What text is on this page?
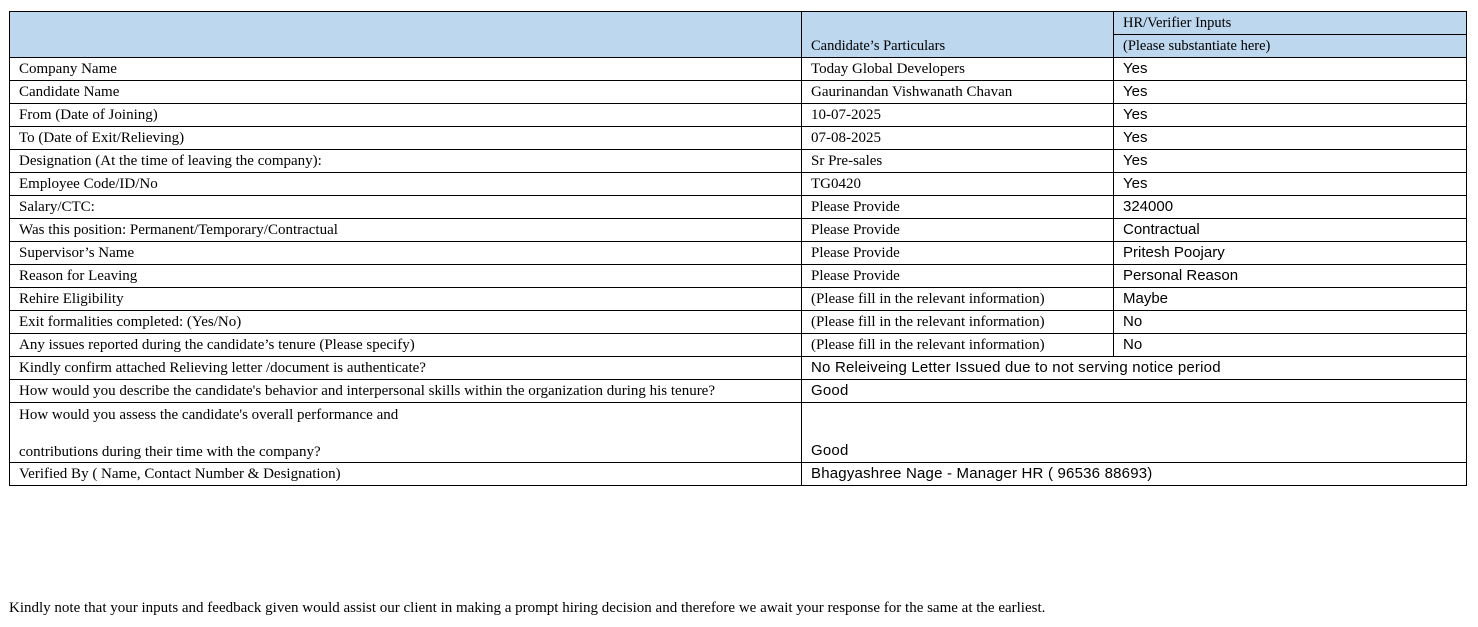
	Candidate’s Particulars	HR/Verifier Inputs
		(Please substantiate here)
Company Name	Today Global Developers	Yes
Candidate Name	Gaurinandan Vishwanath Chavan	Yes
From (Date of Joining)	10-07-2025	Yes
To (Date of Exit/Relieving)	07-08-2025	Yes
Designation (At the time of leaving the company):	Sr Pre-sales	Yes
Employee Code/ID/No	TG0420	Yes
Salary/CTC:	Please Provide	324000
Was this position: Permanent/Temporary/Contractual	Please Provide	Contractual
Supervisor’s Name	Please Provide	Pritesh Poojary
Reason for Leaving	Please Provide	Personal Reason
Rehire Eligibility	(Please fill in the relevant information)	Maybe
Exit formalities completed: (Yes/No)	(Please fill in the relevant information)	No
Any issues reported during the candidate’s tenure (Please specify)	(Please fill in the relevant information)	No
Kindly confirm attached Relieving letter /document is authenticate?	No Releiveing Letter Issued due to not serving notice period	
How would you describe the candidate's behavior and interpersonal skills within the organization during his tenure?	Good	

How would you assess the candidate's overall performance and
contributions during their time with the company?	Good	
Verified By ( Name, Contact Number & Designation)	Bhagyashree Nage - Manager HR ( 96536 88693)	
Kindly note that your inputs and feedback given would assist our client in making a prompt hiring decision and therefore we await your response for the same at the earliest.
